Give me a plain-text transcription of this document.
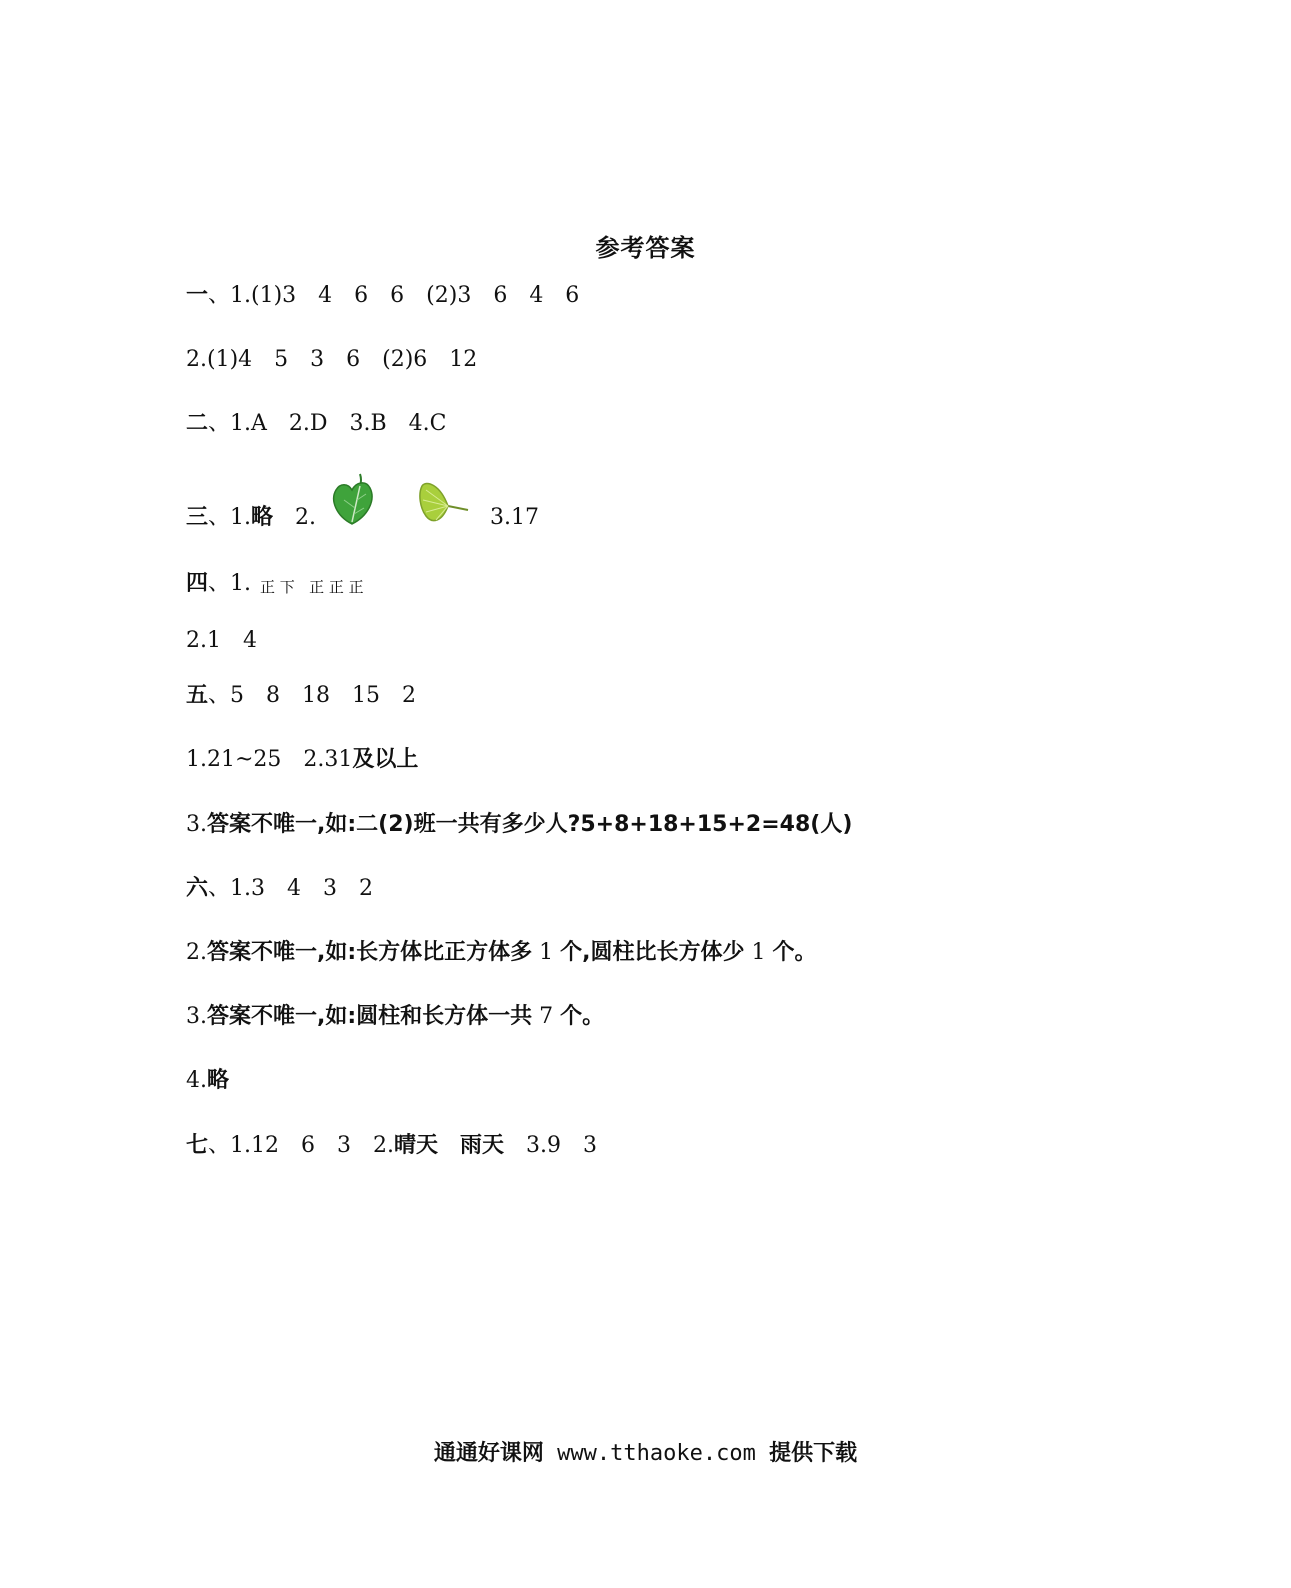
参考答案
一、1.(1)3　4　6　6　(2)3　6　4　6
2.(1)4　5　3　6　(2)6　12
二、1.A　2.D　3.B　4.C
三、1.略　2.	3.17
四、1. 正 下   正 正 正
2.1　4
五、5　8　18　15　2
1.21~25　2.31及以上
3.答案不唯一,如:二(2)班一共有多少人?5+8+18+15+2=48(人)
六、1.3　4　3　2
2.答案不唯一,如:长方体比正方体多 1 个,圆柱比长方体少 1 个。
3.答案不唯一,如:圆柱和长方体一共 7 个。
4.略
七、1.12　6　3　2.晴天　 雨天　3.9　3
通通好课网 www.tthaoke.com 提供下载
